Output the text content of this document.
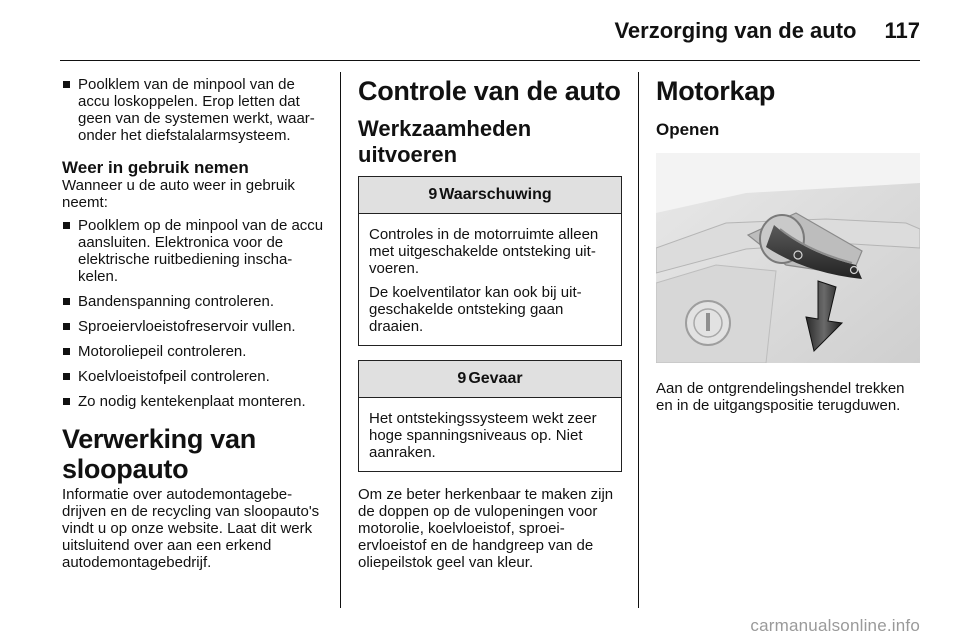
Verzorging van de auto 117
Poolklem van de minpool van de accu loskoppelen. Erop letten dat geen van de systemen werkt, waaronder het diefstalalarmsysteem.
Weer in gebruik nemen

Wanneer u de auto weer in gebruik neemt:

Poolklem op de minpool van de accu aansluiten. Elektronica voor de elektrische ruitbediening inschakelen.
Bandenspanning controleren.
Sproeiervloeistofreservoir vullen.
Motoroliepeil controleren.
Koelvloeistofpeil controleren.
Zo nodig kentekenplaat monteren.
Verwerking van sloopauto

Informatie over autodemontagebedrijven en de recycling van sloopauto's vindt u op onze website. Laat dit werk uitsluitend over aan een erkend autodemontagebedrijf.

Controle van de auto
Werkzaamheden uitvoeren
9 Waarschuwing

Controles in de motorruimte alleen met uitgeschakelde ontsteking uitvoeren.

De koelventilator kan ook bij uitgeschakelde ontsteking gaan draaien.

9 Gevaar

Het ontstekingssysteem wekt zeer hoge spanningsniveaus op. Niet aanraken.

Om ze beter herkenbaar te maken zijn de doppen op de vulopeningen voor motorolie, koelvloeistof, sproeiervloeistof en de handgreep van de oliepeilstok geel van kleur.

Motorkap
Openen

Aan de ontgrendelingshendel trekken en in de uitgangspositie terugduwen.

carmanualsonline.info
